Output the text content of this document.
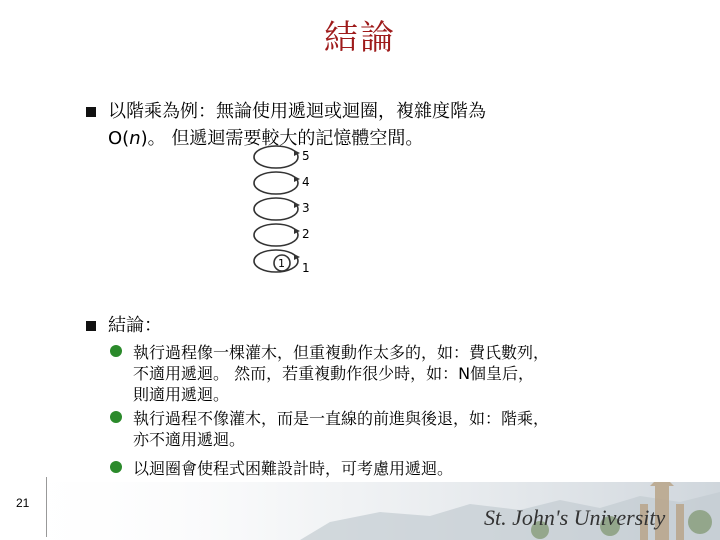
結論
以階乘為例：無論使用遞迴或迴圈，複雜度階為
O(n)。 但遞迴需要較大的記憶體空間。
5
4
3
2
1
1
結論：
執行過程像一棵灌木，但重複動作太多的，如：費氏數列，
不適用遞迴。 然而，若重複動作很少時，如：N個皇后，
則適用遞迴。
執行過程不像灌木，而是一直線的前進與後退，如：階乘，
亦不適用遞迴。
以迴圈會使程式困難設計時，可考慮用遞迴。
St. John's University
21
